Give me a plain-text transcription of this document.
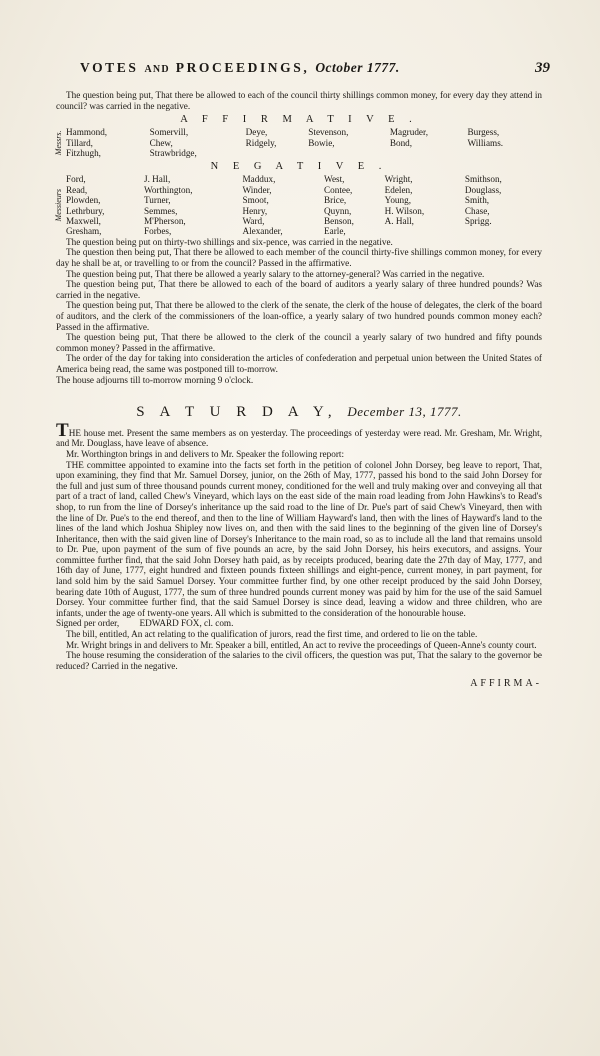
VOTES AND PROCEEDINGS, October 1777.	39

The question being put, That there be allowed to each of the council thirty shillings common money, for every day they attend in council? was carried in the negative.

A F F I R M A T I V E .
Messrs. Hammond,	Somervill,	Deye,	Stevenson,	Magruder,	Burgess,
Tillard,	Chew,	Ridgely,	Bowie,	Bond,	Williams.
Fitzhugh,	Strawbridge,				
N E G A T I V E .
Messieurs
Ford,	J. Hall,	Maddux,	West,	Wright,	Smithson,
Read,	Worthington,	Winder,	Contee,	Edelen,	Douglass,
Plowden,	Turner,	Smoot,	Brice,	Young,	Smith,
Lethrbury,	Semmes,	Henry,	Quynn,	H. Wilson,	Chase,
Maxwell,	M'Pherson,	Ward,	Benson,	A. Hall,	Sprigg.
Gresham,	Forbes,	Alexander,	Earle,		

The question being put on thirty-two shillings and six-pence, was carried in the negative.

The question then being put, That there be allowed to each member of the council thirty-five shillings common money, for every day he shall be at, or travelling to or from the council? Passed in the affirmative.

The question being put, That there be allowed a yearly salary to the attorney-general? Was carried in the negative.

The question being put, That there be allowed to each of the board of auditors a yearly salary of three hundred pounds? Was carried in the negative.

The question being put, That there be allowed to the clerk of the senate, the clerk of the house of delegates, the clerk of the board of auditors, and the clerk of the commissioners of the loan-office, a yearly salary of two hundred pounds common money each? Passed in the affirmative.

The question being put, That there be allowed to the clerk of the council a yearly salary of two hundred and fifty pounds common money? Passed in the affirmative.

The order of the day for taking into consideration the articles of confederation and perpetual union between the United States of America being read, the same was postponed till to-morrow.

The house adjourns till to-morrow morning 9 o'clock.

S A T U R D A Y, December 13, 1777.

THE house met. Present the same members as on yesterday. The proceedings of yesterday were read. Mr. Gresham, Mr. Wright, and Mr. Douglass, have leave of absence.

Mr. Worthington brings in and delivers to Mr. Speaker the following report:

THE committee appointed to examine into the facts set forth in the petition of colonel John Dorsey, beg leave to report, That, upon examining, they find that Mr. Samuel Dorsey, junior, on the 26th of May, 1777, passed his bond to the said John Dorsey for the full and just sum of three thousand pounds current money, conditioned for the well and truly making over and conveying all that part of a tract of land, called Chew's Vineyard, which lays on the east side of the main road leading from John Hawkins's to Read's shop, to run from the line of Dorsey's inheritance up the said road to the line of Dr. Pue's part of said Chew's Vineyard, then with the line of Dr. Pue's to the end thereof, and then to the line of William Hayward's land, then with the lines of Hayward's land to the lines of the land which Joshua Shipley now lives on, and then with the said lines to the beginning of the given line of Dorsey's Inheritance, then with the said given line of Dorsey's Inheritance to the main road, so as to include all the land that remains unsold to Dr. Pue, upon payment of the sum of five pounds an acre, by the said John Dorsey, his heirs executors, and assigns. Your committee further find, that the said John Dorsey hath paid, as by receipts produced, bearing date the 27th day of May, 1777, and 16th day of June, 1777, eight hundred and fixteen pounds fixteen shillings and eight-pence, current money, in part payment, for land sold him by the said Samuel Dorsey. Your committee further find, by one other receipt produced by the said John Dorsey, bearing date 10th of August, 1777, the sum of three hundred pounds current money was paid by him for the use of the said Samuel Dorsey. Your committee further find, that the said Samuel Dorsey is since dead, leaving a widow and three children, who are infants, under the age of twenty-one years. All which is submitted to the consideration of the honourable house.

Signed per order, EDWARD FOX, cl. com.

The bill, entitled, An act relating to the qualification of jurors, read the first time, and ordered to lie on the table.

Mr. Wright brings in and delivers to Mr. Speaker a bill, entitled, An act to revive the proceedings of Queen-Anne's county court.

The house resuming the consideration of the salaries to the civil officers, the question was put, That the salary to the governor be reduced? Carried in the negative.

AFFIRMA-
